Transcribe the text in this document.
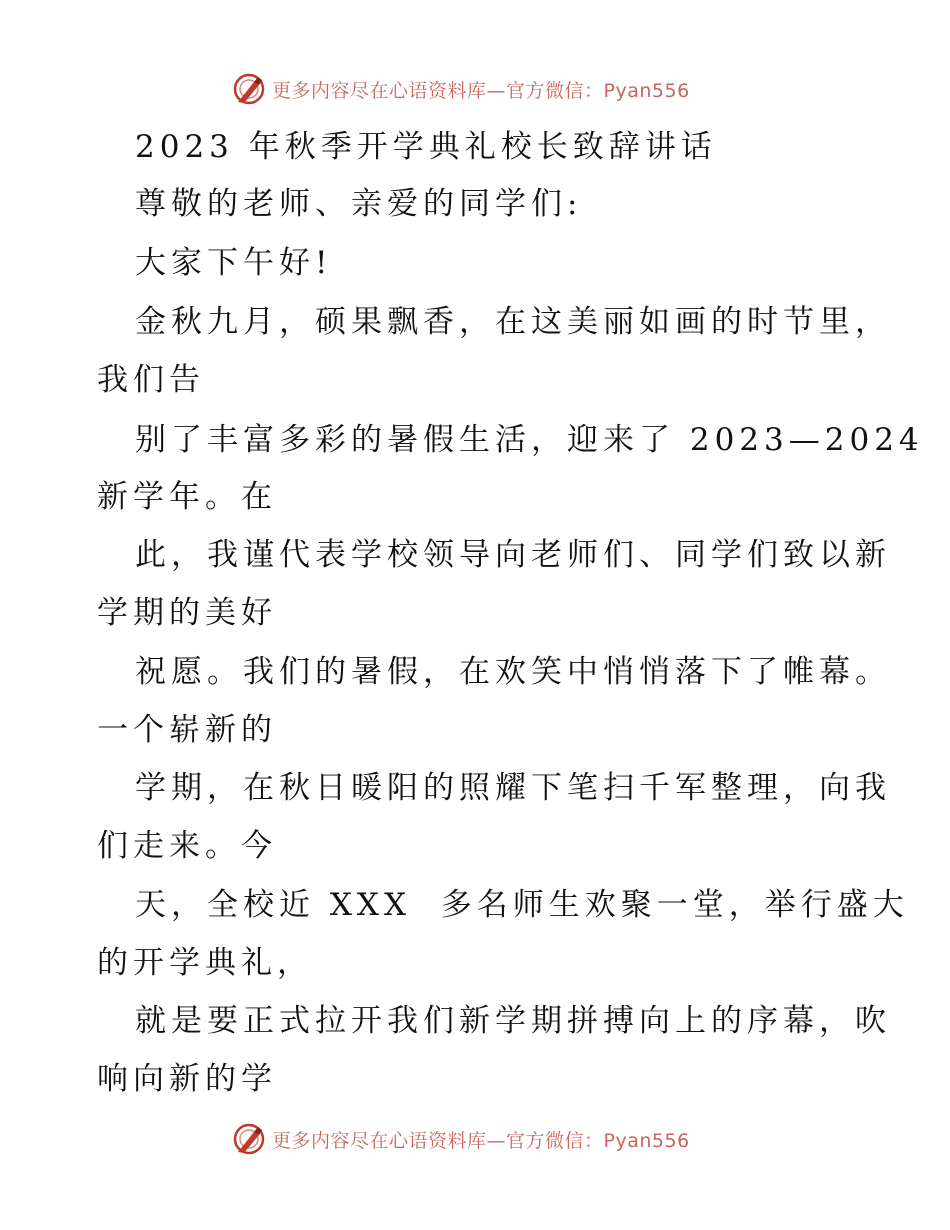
更多内容尽在心语资料库—官方微信：Pyan556
2023 年秋季开学典礼校长致辞讲话
尊敬的老师、亲爱的同学们:
大家下午好!
金秋九月，硕果飘香，在这美丽如画的时节里，
我们告
别了丰富多彩的暑假生活，迎来了 2023—2024
新学年。在
此，我谨代表学校领导向老师们、同学们致以新
学期的美好
祝愿。我们的暑假，在欢笑中悄悄落下了帷幕。
一个崭新的
学期，在秋日暖阳的照耀下笔扫千军整理，向我
们走来。今
天，全校近 XXX  多名师生欢聚一堂，举行盛大
的开学典礼，
就是要正式拉开我们新学期拼搏向上的序幕，吹
响向新的学
更多内容尽在心语资料库—官方微信：Pyan556
